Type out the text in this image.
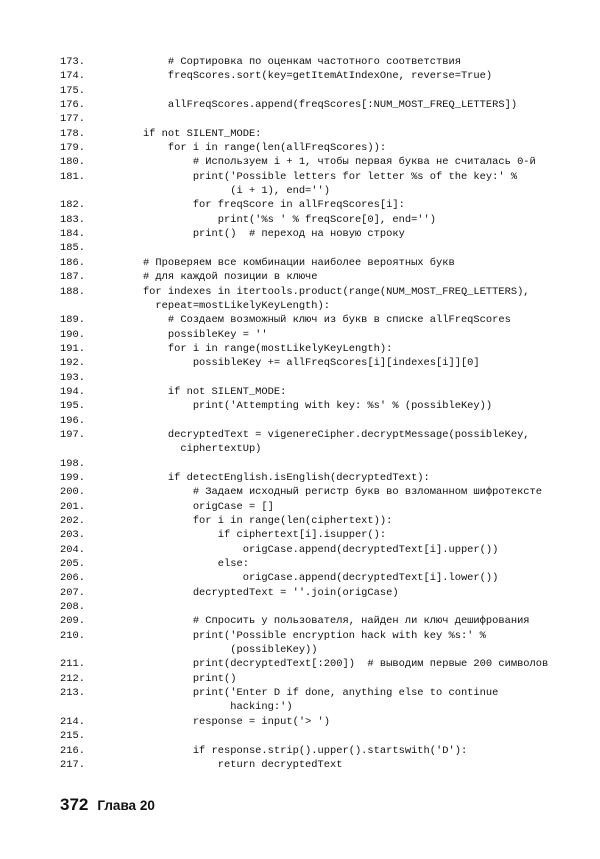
173.	# Сортировка по оценкам частотного соответствия
174.	freqScores.sort(key=getItemAtIndexOne, reverse=True)
175.
176.	allFreqScores.append(freqScores[:NUM_MOST_FREQ_LETTERS])
177.
178.	if not SILENT_MODE:
179.	for i in range(len(allFreqScores)):
180.	# Используем i + 1, чтобы первая буква не считалась 0-й
181.	print('Possible letters for letter %s of the key:' %
(i + 1), end='')
182.	for freqScore in allFreqScores[i]:
183.	print('%s ' % freqScore[0], end='')
184.	print()  # переход на новую строку
185.
186.	# Проверяем все комбинации наиболее вероятных букв
187.	# для каждой позиции в ключе
188.	for indexes in itertools.product(range(NUM_MOST_FREQ_LETTERS),
repeat=mostLikelyKeyLength):
189.	# Создаем возможный ключ из букв в списке allFreqScores
190.	possibleKey = ''
191.	for i in range(mostLikelyKeyLength):
192.	possibleKey += allFreqScores[i][indexes[i]][0]
193.
194.	if not SILENT_MODE:
195.	print('Attempting with key: %s' % (possibleKey))
196.
197.	decryptedText = vigenereCipher.decryptMessage(possibleKey,
ciphertextUp)
198.
199.	if detectEnglish.isEnglish(decryptedText):
200.	# Задаем исходный регистр букв во взломанном шифротексте
201.	origCase = []
202.	for i in range(len(ciphertext)):
203.	if ciphertext[i].isupper():
204.	origCase.append(decryptedText[i].upper())
205.	else:
206.	origCase.append(decryptedText[i].lower())
207.	decryptedText = ''.join(origCase)
208.
209.	# Спросить у пользователя, найден ли ключ дешифрования
210.	print('Possible encryption hack with key %s:' %
(possibleKey))
211.	print(decryptedText[:200])  # выводим первые 200 символов
212.	print()
213.	print('Enter D if done, anything else to continue
hacking:')
214.	response = input('> ')
215.
216.	if response.strip().upper().startswith('D'):
217.	return decryptedText
372 Глава 20
